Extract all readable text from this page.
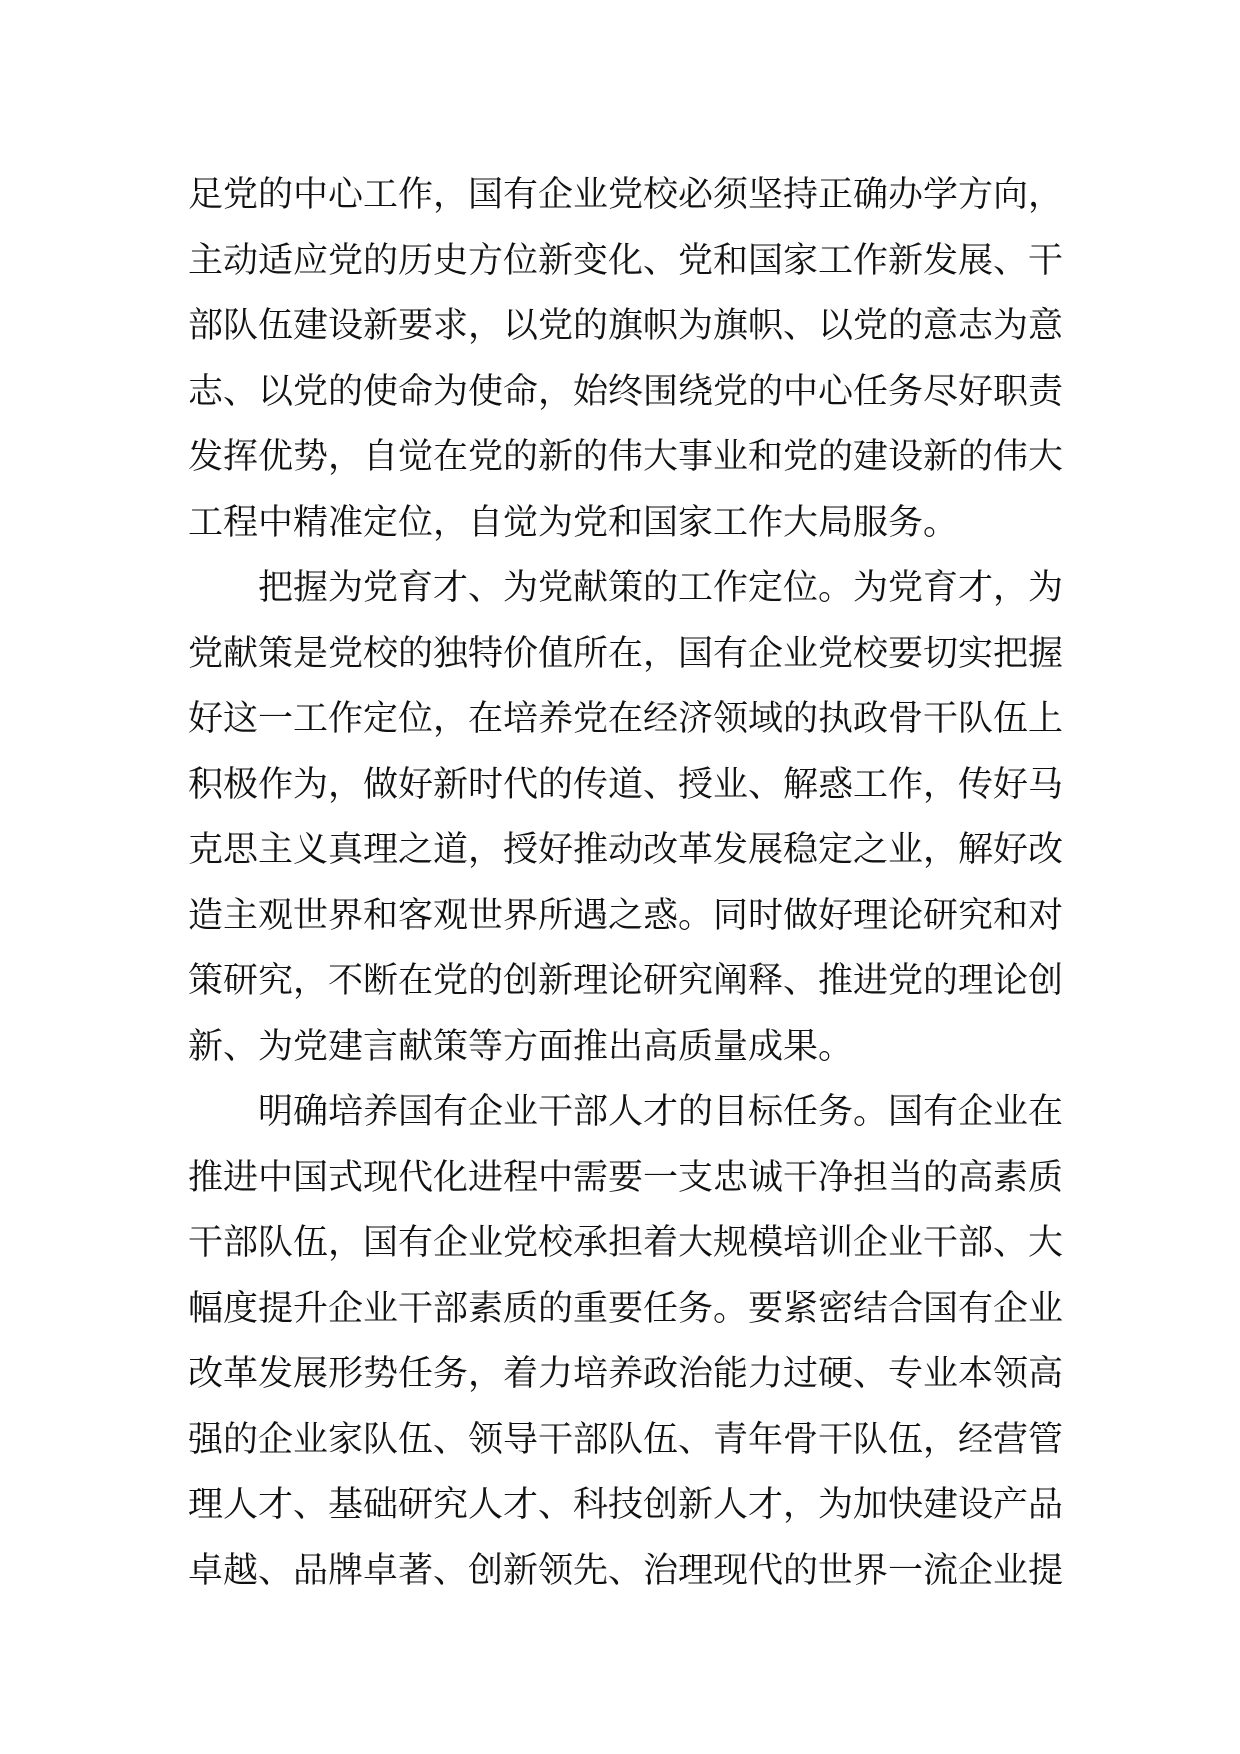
足党的中心工作，国有企业党校必须坚持正确办学方向，
主动适应党的历史方位新变化、党和国家工作新发展、干
部队伍建设新要求，以党的旗帜为旗帜、以党的意志为意
志、以党的使命为使命，始终围绕党的中心任务尽好职责
发挥优势，自觉在党的新的伟大事业和党的建设新的伟大
工程中精准定位，自觉为党和国家工作大局服务。
把握为党育才、为党献策的工作定位。为党育才，为
党献策是党校的独特价值所在，国有企业党校要切实把握
好这一工作定位，在培养党在经济领域的执政骨干队伍上
积极作为，做好新时代的传道、授业、解惑工作，传好马
克思主义真理之道，授好推动改革发展稳定之业，解好改
造主观世界和客观世界所遇之惑。同时做好理论研究和对
策研究，不断在党的创新理论研究阐释、推进党的理论创
新、为党建言献策等方面推出高质量成果。
明确培养国有企业干部人才的目标任务。国有企业在
推进中国式现代化进程中需要一支忠诚干净担当的高素质
干部队伍，国有企业党校承担着大规模培训企业干部、大
幅度提升企业干部素质的重要任务。要紧密结合国有企业
改革发展形势任务，着力培养政治能力过硬、专业本领高
强的企业家队伍、领导干部队伍、青年骨干队伍，经营管
理人才、基础研究人才、科技创新人才，为加快建设产品
卓越、品牌卓著、创新领先、治理现代的世界一流企业提
